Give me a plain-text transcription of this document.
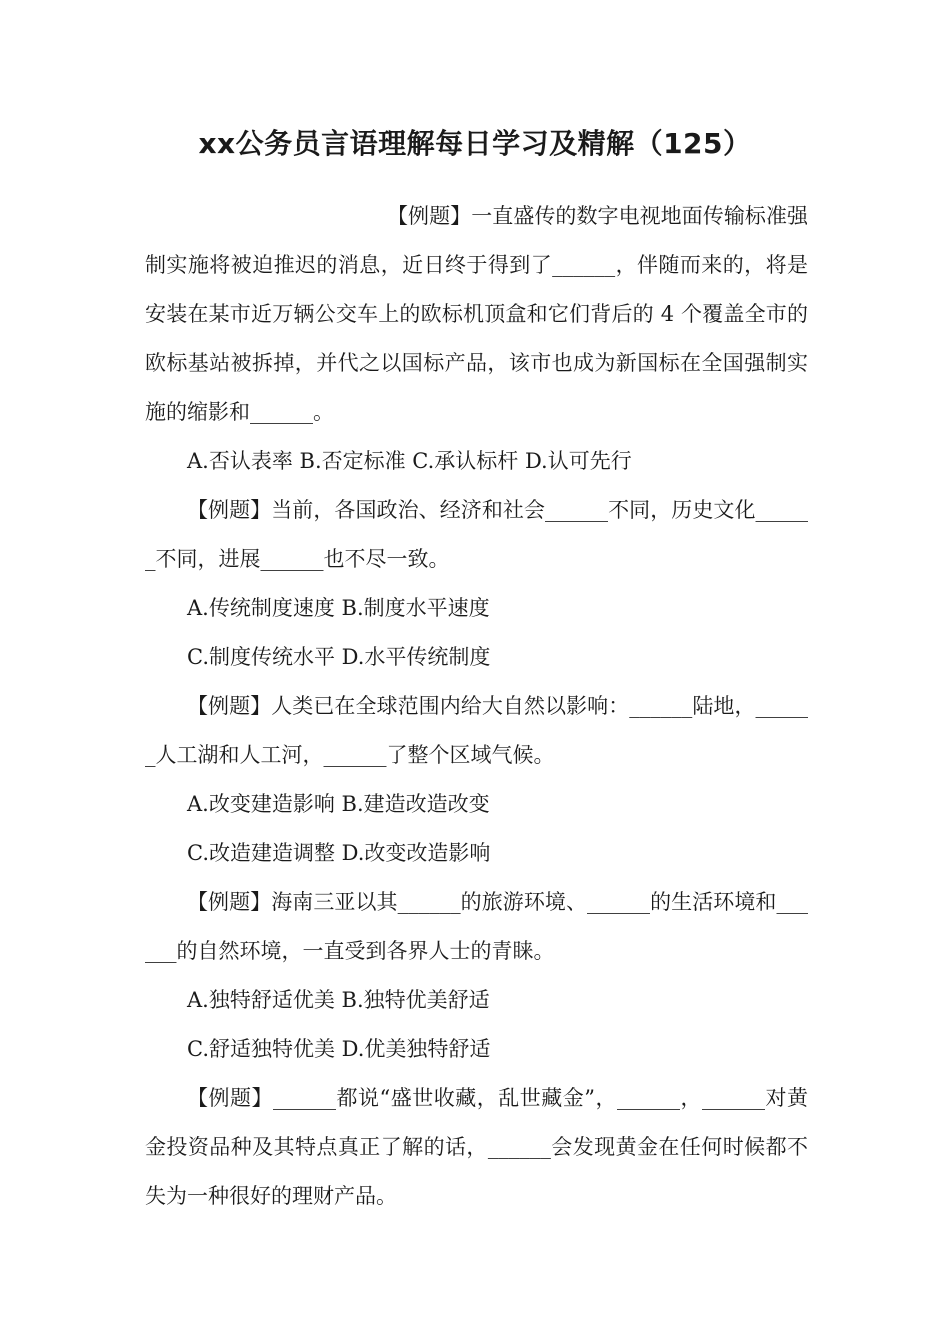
xx公务员言语理解每日学习及精解（125）

【例题】一直盛传的数字电视地面传输标准强制实施将被迫推迟的消息，近日终于得到了______，伴随而来的，将是安装在某市近万辆公交车上的欧标机顶盒和它们背后的 4 个覆盖全市的欧标基站被拆掉，并代之以国标产品，该市也成为新国标在全国强制实施的缩影和______。

A.否认表率 B.否定标准 C.承认标杆 D.认可先行

【例题】当前，各国政治、经济和社会______不同，历史文化______不同，进展______也不尽一致。

A.传统制度速度 B.制度水平速度

C.制度传统水平 D.水平传统制度

【例题】人类已在全球范围内给大自然以影响：______陆地，______人工湖和人工河，______了整个区域气候。

A.改变建造影响 B.建造改造改变

C.改造建造调整 D.改变改造影响

【例题】海南三亚以其______的旅游环境、______的生活环境和______的自然环境，一直受到各界人士的青睐。

A.独特舒适优美 B.独特优美舒适

C.舒适独特优美 D.优美独特舒适

【例题】______都说“盛世收藏，乱世藏金”，______，______对黄金投资品种及其特点真正了解的话，______会发现黄金在任何时候都不失为一种很好的理财产品。
